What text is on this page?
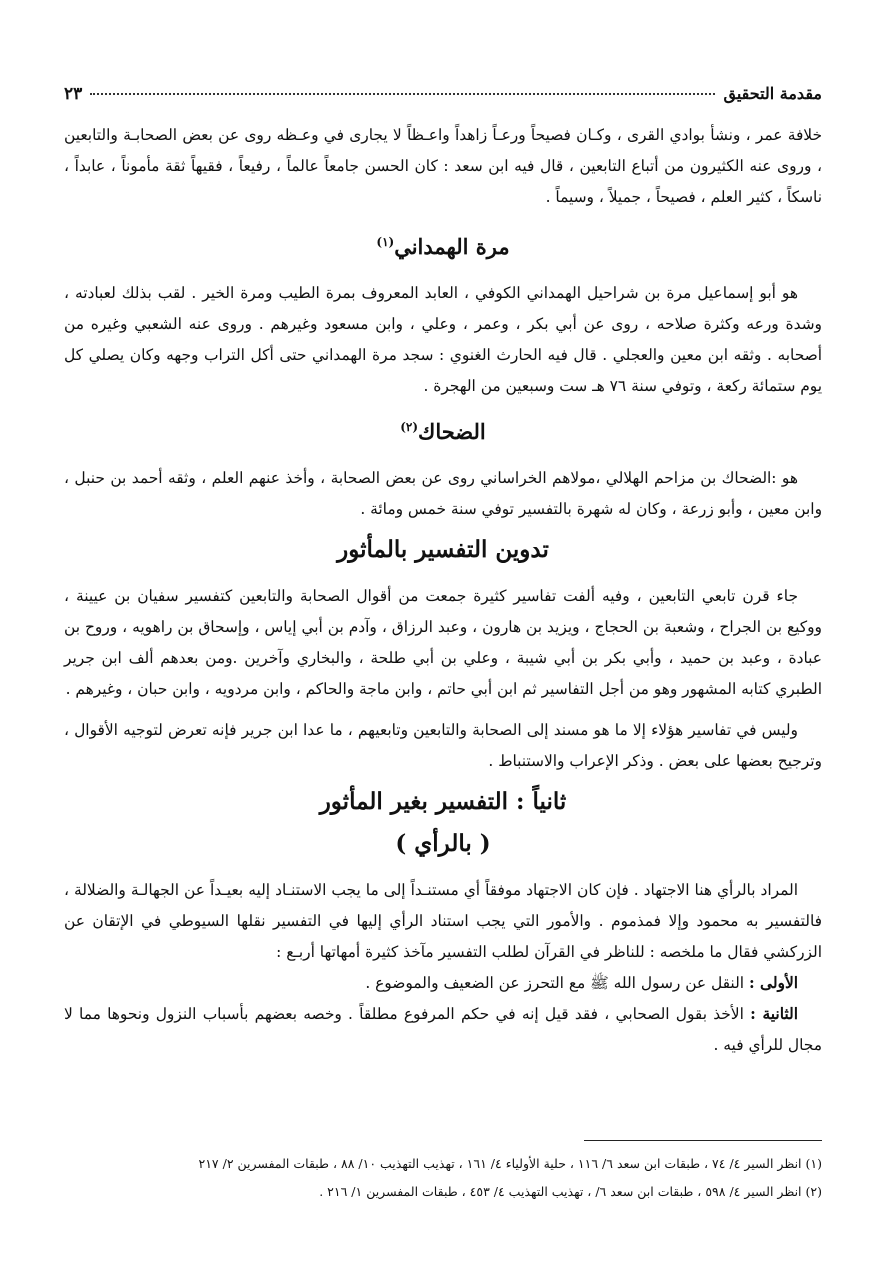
مقدمة التحقيق
٢٣

خلافة عمر ، ونشأ بوادي القرى ، وكـان فصيحاً ورعـاً زاهداً واعـظاً لا يجارى في وعـظه روى عن بعض الصحابـة والتابعين ، وروى عنه الكثيرون من أتباع التابعين ، قال فيه ابن سعد : كان الحسن جامعاً عالماً ، رفيعاً ، فقيهاً ثقة مأموناً ، عابداً ، ناسكاً ، كثير العلم ، فصيحاً ، جميلاً ، وسيماً .

مرة الهمداني$^{(١)}$

هو أبو إسماعيل مرة بن شراحيل الهمداني الكوفي ، العابد المعروف بمرة الطيب ومرة الخير . لقب بذلك لعبادته ، وشدة ورعه وكثرة صلاحه ، روى عن أبي بكر ، وعمر ، وعلي ، وابن مسعود وغيرهم . وروى عنه الشعبي وغيره من أصحابه . وثقه ابن معين والعجلي . قال فيه الحارث الغنوي : سجد مرة الهمداني حتى أكل التراب وجهه وكان يصلي كل يوم ستمائة ركعة ، وتوفي سنة ٧٦ هـ ست وسبعين من الهجرة .

الضحاك$^{(٢)}$

هو :الضحاك بن مزاحم الهلالي ،مولاهم الخراساني روى عن بعض الصحابة ، وأخذ عنهم العلم ، وثقه أحمد بن حنبل ، وابن معين ، وأبو زرعة ، وكان له شهرة بالتفسير توفي سنة خمس ومائة .

تدوين التفسير بالمأثور

جاء قرن تابعي التابعين ، وفيه ألفت تفاسير كثيرة جمعت من أقوال الصحابة والتابعين كتفسير سفيان بن عيينة ، ووكيع بن الجراح ، وشعبة بن الحجاج ، ويزيد بن هارون ، وعبد الرزاق ، وآدم بن أبي إياس ، وإسحاق بن راهويه ، وروح بن عبادة ، وعبد بن حميد ، وأبي بكر بن أبي شيبة ، وعلي بن أبي طلحة ، والبخاري وآخرين .ومن بعدهم ألف ابن جرير الطبري كتابه المشهور وهو من أجل التفاسير ثم ابن أبي حاتم ، وابن ماجة والحاكم ، وابن مردويه ، وابن حبان ، وغيرهم .

وليس في تفاسير هؤلاء إلا ما هو مسند إلى الصحابة والتابعين وتابعيهم ، ما عدا ابن جرير فإنه تعرض لتوجيه الأقوال ، وترجيح بعضها على بعض . وذكر الإعراب والاستنباط .

ثانياً : التفسير بغير المأثور
( بالرأي )

المراد بالرأي هنا الاجتهاد . فإن كان الاجتهاد موفقاً أي مستنـداً إلى ما يجب الاستنـاد إليه بعيـداً عن الجهالـة والضلالة ، فالتفسير به محمود وإلا فمذموم . والأمور التي يجب استناد الرأي إليها في التفسير نقلها السيوطي في الإتقان عن الزركشي فقال ما ملخصه : للناظر في القرآن لطلب التفسير مآخذ كثيرة أمهاتها أربـع :

الأولى : النقل عن رسول الله ﷺ مع التحرز عن الضعيف والموضوع .

الثانية : الأخذ بقول الصحابي ، فقد قيل إنه في حكم المرفوع مطلقاً . وخصه بعضهم بأسباب النزول ونحوها مما لا مجال للرأي فيه .

(١) انظر السير ٤/ ٧٤ ، طبقات ابن سعد ٦/ ١١٦ ، حلية الأولياء ٤/ ١٦١ ، تهذيب التهذيب ١٠/ ٨٨ ، طبقات المفسرين ٢/ ٢١٧
(٢) انظر السير ٤/ ٥٩٨ ، طبقات ابن سعد ٦/ ، تهذيب التهذيب ٤/ ٤٥٣ ، طبقات المفسرين ١/ ٢١٦ .
